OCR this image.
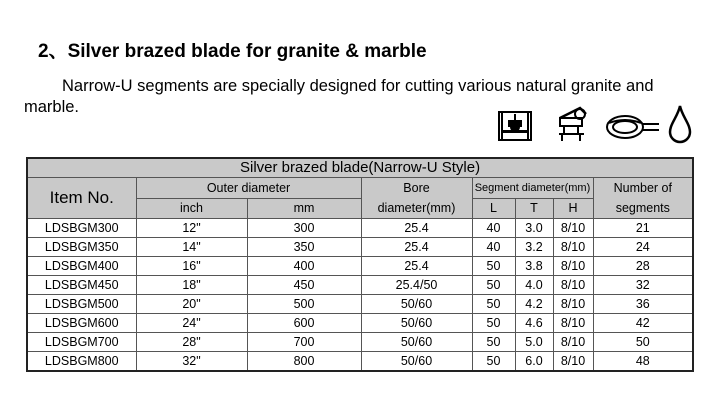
2、Silver brazed blade for granite & marble
Narrow-U segments are specially designed for cutting various natural granite and marble.
Silver brazed blade(Narrow-U Style)							
Item No.	Outer diameter		Bore diameter(mm)	Segment diameter(mm)			Number of segments
	inch	mm		L	T	H	
LDSBGM300	12"	300	25.4	40	3.0	8/10	21
LDSBGM350	14"	350	25.4	40	3.2	8/10	24
LDSBGM400	16"	400	25.4	50	3.8	8/10	28
LDSBGM450	18"	450	25.4/50	50	4.0	8/10	32
LDSBGM500	20"	500	50/60	50	4.2	8/10	36
LDSBGM600	24"	600	50/60	50	4.6	8/10	42
LDSBGM700	28"	700	50/60	50	5.0	8/10	50
LDSBGM800	32"	800	50/60	50	6.0	8/10	48
